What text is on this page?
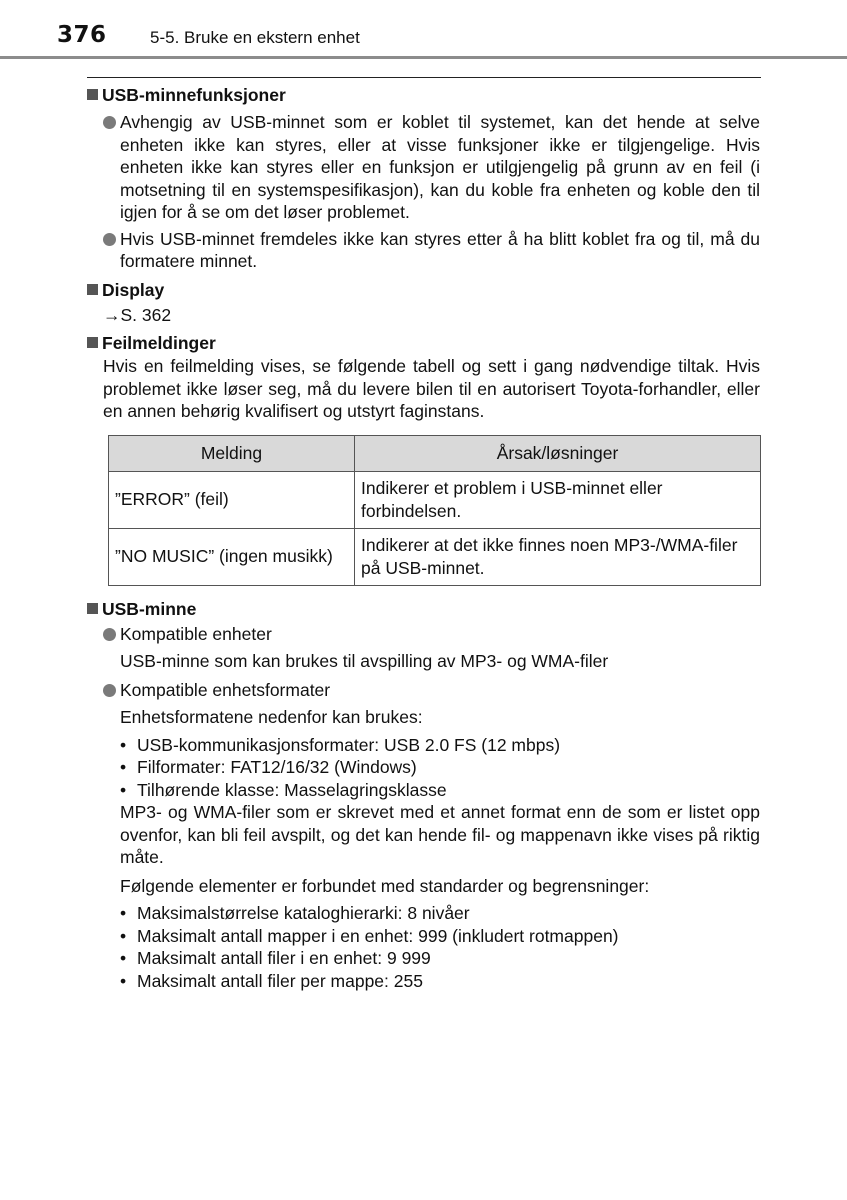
376	5-5. Bruke en ekstern enhet
USB-minnefunksjoner
Avhengig av USB-minnet som er koblet til systemet, kan det hende at selve enheten ikke kan styres, eller at visse funksjoner ikke er tilgjengelige. Hvis enheten ikke kan styres eller en funksjon er utilgjengelig på grunn av en feil (i motsetning til en systemspesifikasjon), kan du koble fra enheten og koble den til igjen for å se om det løser problemet.
Hvis USB-minnet fremdeles ikke kan styres etter å ha blitt koblet fra og til, må du formatere minnet.
Display
→S. 362
Feilmeldinger
Hvis en feilmelding vises, se følgende tabell og sett i gang nødvendige tiltak. Hvis problemet ikke løser seg, må du levere bilen til en autorisert Toyota-forhandler, eller en annen behørig kvalifisert og utstyrt faginstans.
Melding	Årsak/løsninger
”ERROR” (feil)	Indikerer et problem i USB-minnet eller forbindelsen.
”NO MUSIC” (ingen musikk)	Indikerer at det ikke finnes noen MP3-/WMA-filer på USB-minnet.
USB-minne
Kompatible enheter
USB-minne som kan brukes til avspilling av MP3- og WMA-filer
Kompatible enhetsformater
Enhetsformatene nedenfor kan brukes:
• USB-kommunikasjonsformater: USB 2.0 FS (12 mbps)
• Filformater: FAT12/16/32 (Windows)
• Tilhørende klasse: Masselagringsklasse
MP3- og WMA-filer som er skrevet med et annet format enn de som er listet opp ovenfor, kan bli feil avspilt, og det kan hende fil- og mappenavn ikke vises på riktig måte.
Følgende elementer er forbundet med standarder og begrensninger:
• Maksimalstørrelse kataloghierarki: 8 nivåer
• Maksimalt antall mapper i en enhet: 999 (inkludert rotmappen)
• Maksimalt antall filer i en enhet: 9 999
• Maksimalt antall filer per mappe: 255
